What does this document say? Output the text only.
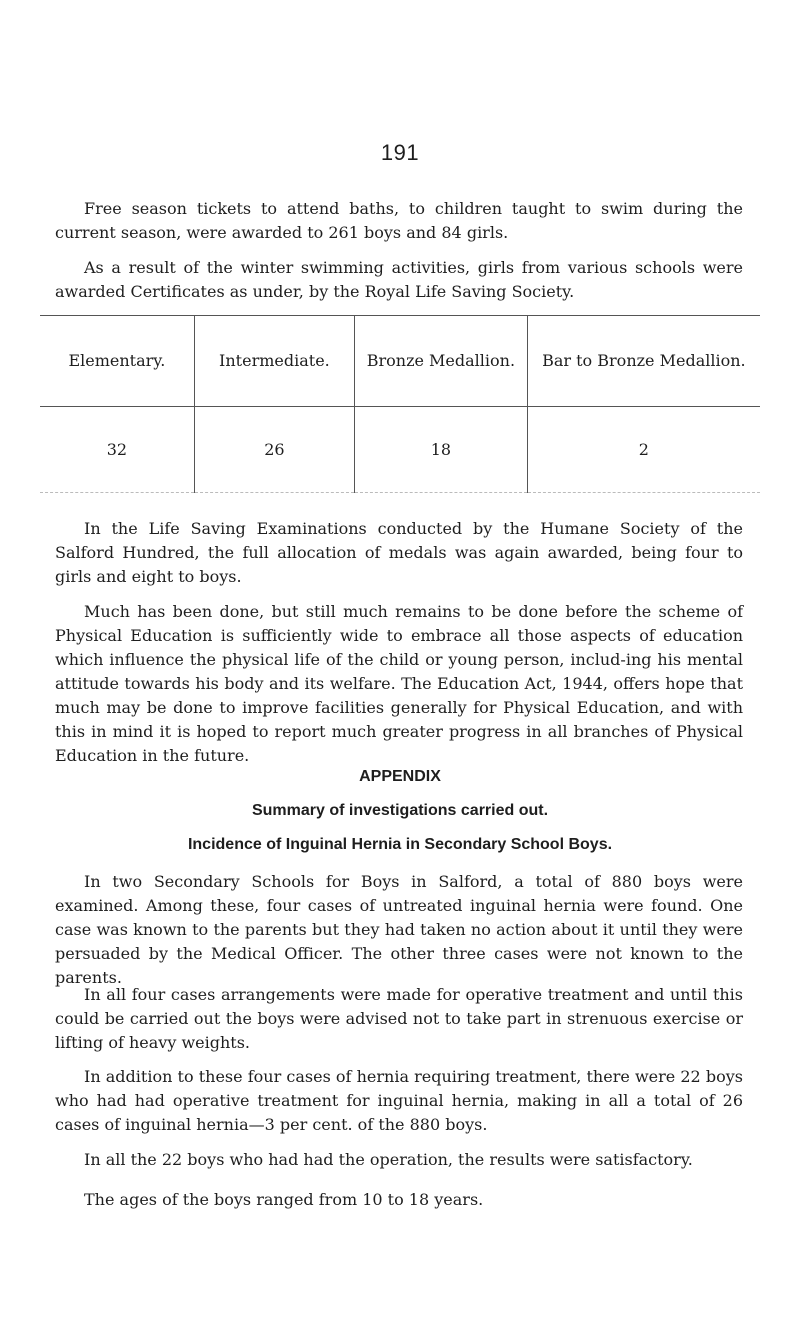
191

Free season tickets to attend baths, to children taught to swim during the current season, were awarded to 261 boys and 84 girls.

As a result of the winter swimming activities, girls from various schools were awarded Certificates as under, by the Royal Life Saving Society.

Elementary.	Intermediate.	Bronze Medallion.	Bar to Bronze Medallion.
32	26	18	2

In the Life Saving Examinations conducted by the Humane Society of the Salford Hundred, the full allocation of medals was again awarded, being four to girls and eight to boys.

Much has been done, but still much remains to be done before the scheme of Physical Education is sufficiently wide to embrace all those aspects of education which influence the physical life of the child or young person, includ-ing his mental attitude towards his body and its welfare. The Education Act, 1944, offers hope that much may be done to improve facilities generally for Physical Education, and with this in mind it is hoped to report much greater progress in all branches of Physical Education in the future.

APPENDIX

Summary of investigations carried out.

Incidence of Inguinal Hernia in Secondary School Boys.

In two Secondary Schools for Boys in Salford, a total of 880 boys were examined. Among these, four cases of untreated inguinal hernia were found. One case was known to the parents but they had taken no action about it until they were persuaded by the Medical Officer. The other three cases were not known to the parents.

In all four cases arrangements were made for operative treatment and until this could be carried out the boys were advised not to take part in strenuous exercise or lifting of heavy weights.

In addition to these four cases of hernia requiring treatment, there were 22 boys who had had operative treatment for inguinal hernia, making in all a total of 26 cases of inguinal hernia—3 per cent. of the 880 boys.

In all the 22 boys who had had the operation, the results were satisfactory.

The ages of the boys ranged from 10 to 18 years.
